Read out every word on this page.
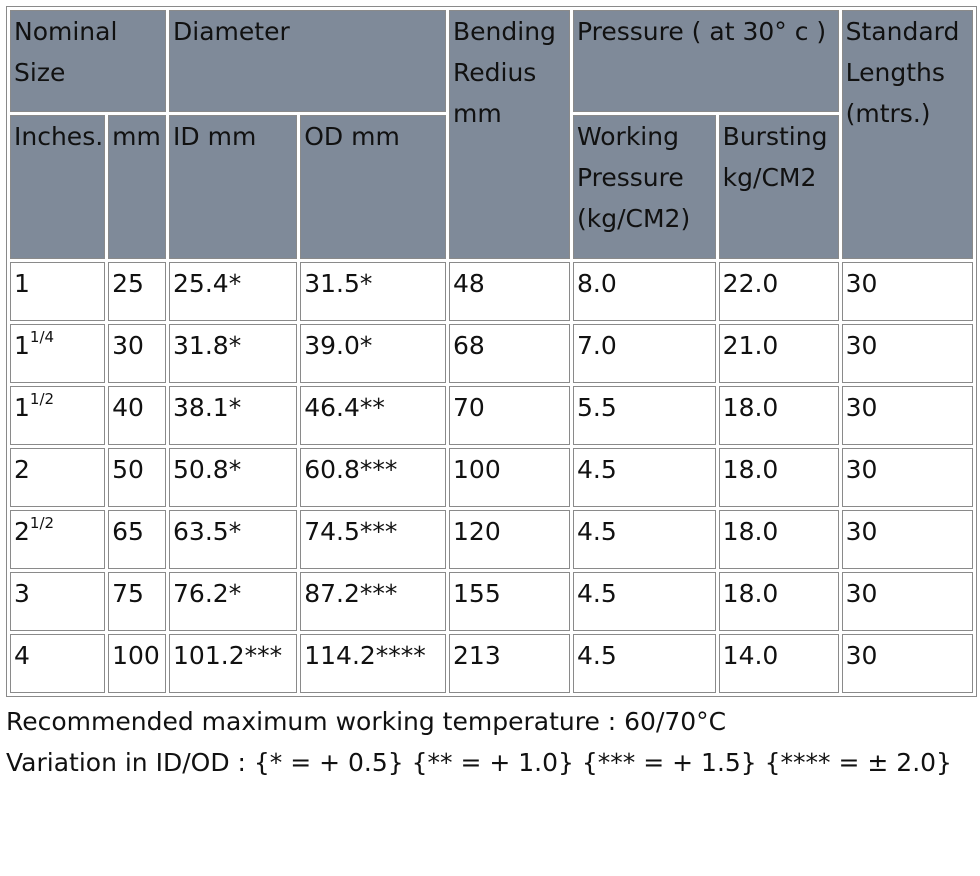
Nominal Size		Diameter		Bending Redius mm	Pressure ( at 30° c )		Standard Lengths (mtrs.)
Inches.	mm	ID mm	OD mm		Working Pressure (kg/CM2)	Bursting kg/CM2	
1	25	25.4*	31.5*	48	8.0	22.0	30
$1^{1/4}$	30	31.8*	39.0*	68	7.0	21.0	30
$1^{1/2}$	40	38.1*	46.4**	70	5.5	18.0	30
2	50	50.8*	60.8***	100	4.5	18.0	30
$2^{1/2}$	65	63.5*	74.5***	120	4.5	18.0	30
3	75	76.2*	87.2***	155	4.5	18.0	30
4	100	101.2***	114.2****	213	4.5	14.0	30
Recommended maximum working temperature : 60/70°C
Variation in ID/OD : {* = + 0.5} {** = + 1.0} {*** = + 1.5} {**** = ± 2.0}
